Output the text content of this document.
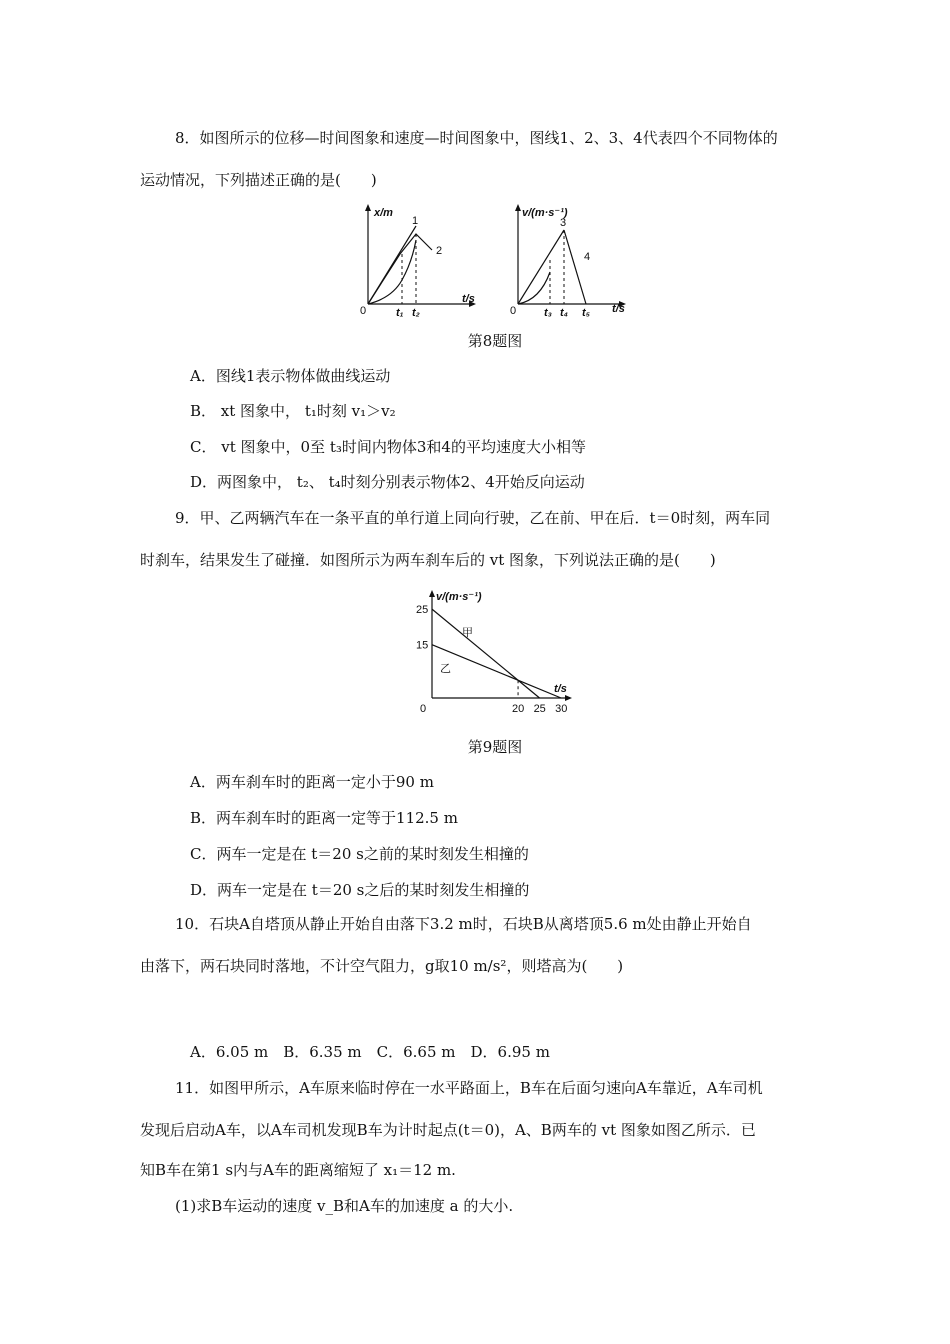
8．如图所示的位移—时间图象和速度—时间图象中，图线1、2、3、4代表四个不同物体的
运动情况，下列描述正确的是(　　)
x/m
t/s
0
1
2
t₁ t₂
v/(m·s⁻¹)
t/s
0
3
4
t₃ t₄ t₅
第8题图
A．图线1表示物体做曲线运动
B． xt 图象中， t₁时刻 v₁＞v₂
C． vt 图象中，0至 t₃时间内物体3和4的平均速度大小相等
D．两图象中， t₂、 t₄时刻分别表示物体2、4开始反向运动
9．甲、乙两辆汽车在一条平直的单行道上同向行驶，乙在前、甲在后．t＝0时刻，两车同
时刹车，结果发生了碰撞．如图所示为两车刹车后的 vt 图象，下列说法正确的是(　　)
v/(m·s⁻¹)
t/s
0	20 25 30
15
25
甲
乙
第9题图
A．两车刹车时的距离一定小于90 m
B．两车刹车时的距离一定等于112.5 m
C．两车一定是在 t＝20 s之前的某时刻发生相撞的
D．两车一定是在 t＝20 s之后的某时刻发生相撞的
10．石块A自塔顶从静止开始自由落下3.2 m时，石块B从离塔顶5.6 m处由静止开始自
由落下，两石块同时落地，不计空气阻力，g取10 m/s²，则塔高为(　　)
A．6.05 m　B．6.35 m　C．6.65 m　D．6.95 m
11．如图甲所示，A车原来临时停在一水平路面上，B车在后面匀速向A车靠近，A车司机
发现后启动A车，以A车司机发现B车为计时起点(t＝0)，A、B两车的 vt 图象如图乙所示．已
知B车在第1 s内与A车的距离缩短了 x₁＝12 m.
(1)求B车运动的速度 v_B和A车的加速度 a 的大小.
